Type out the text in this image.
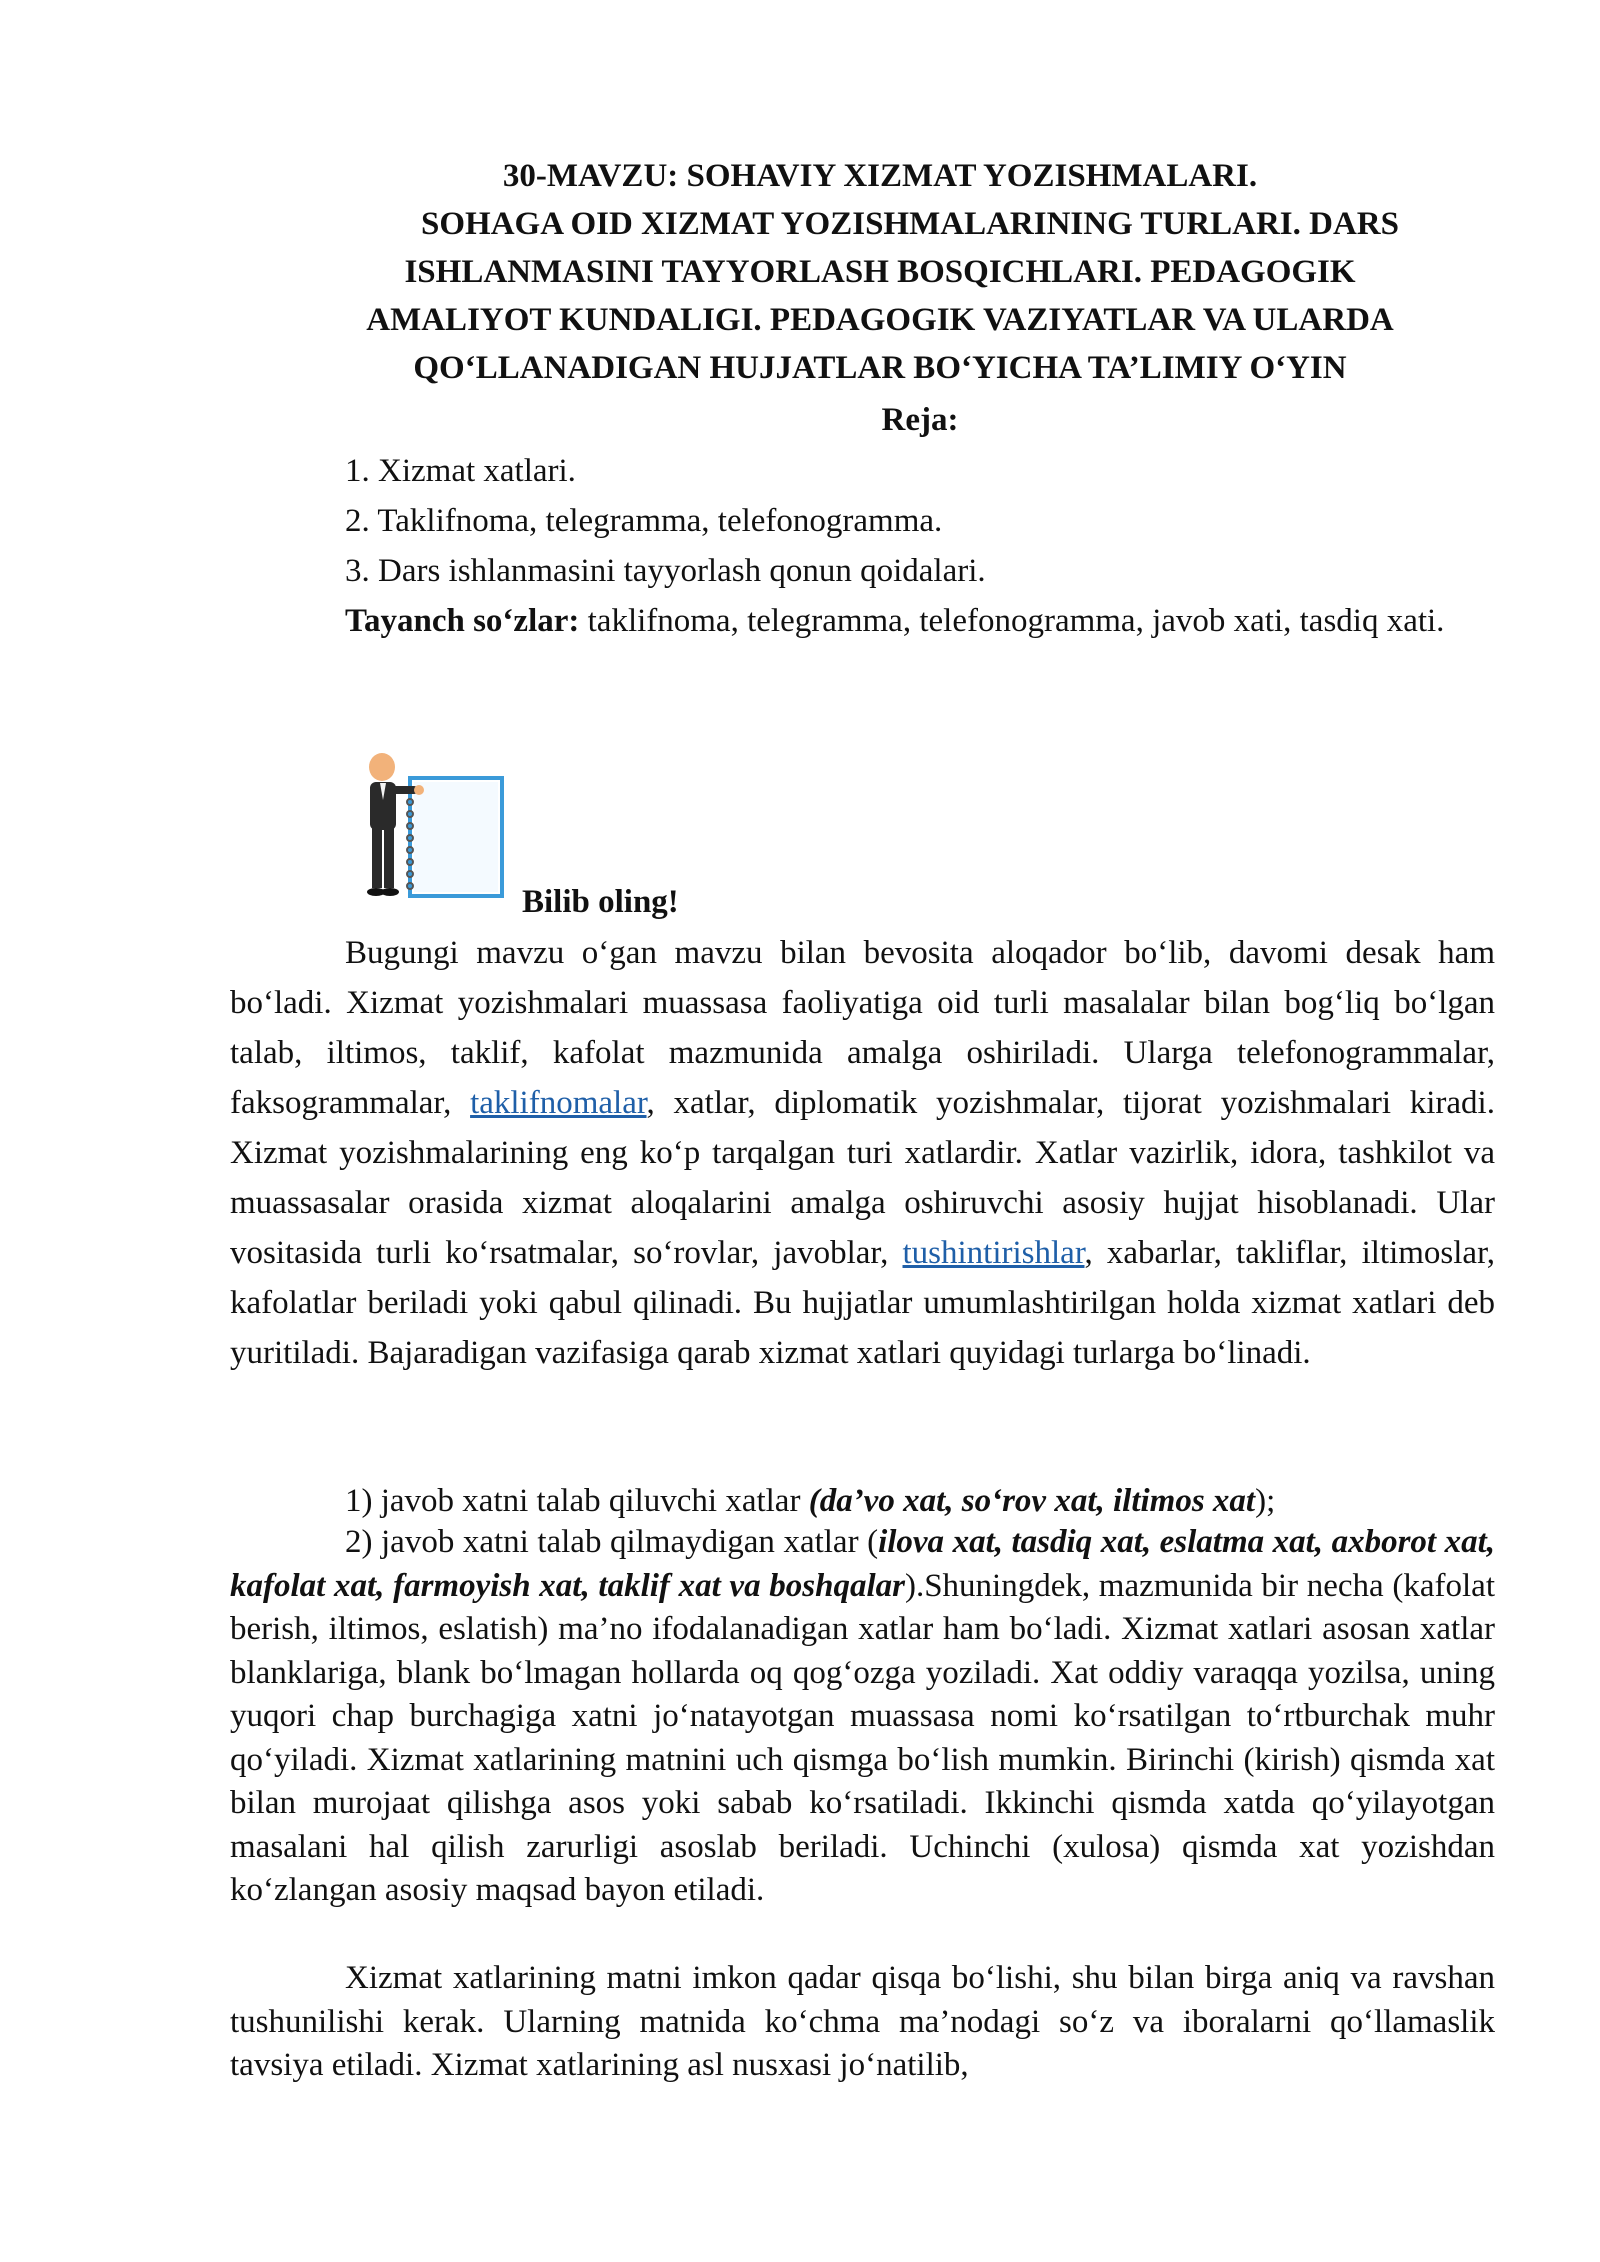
30-MAVZU: SOHAVIY XIZMAT YOZISHMALARI.
SOHAGA OID XIZMAT YOZISHMALARINING TURLARI. DARS
ISHLANMASINI TAYYORLASH BOSQICHLARI. PEDAGOGIK
AMALIYOT KUNDALIGI. PEDAGOGIK VAZIYATLAR VA ULARDA
QO‘LLANADIGAN HUJJATLAR BO‘YICHA TA’LIMIY O‘YIN
Reja:
1. Xizmat xatlari.
2. Taklifnoma, telegramma, telefonogramma.
3. Dars ishlanmasini tayyorlash qonun qoidalari.
Tayanch so‘zlar: taklifnoma, telegramma, telefonogramma, javob xati, tasdiq xati.
Bilib oling!
Bugungi mavzu o‘gan mavzu bilan bevosita aloqador bo‘lib, davomi desak ham bo‘ladi. Xizmat yozishmalari muassasa faoliyatiga oid turli masalalar bilan bog‘liq bo‘lgan talab, iltimos, taklif, kafolat mazmunida amalga oshiriladi. Ularga telefonogrammalar, faksogrammalar, taklifnomalar, xatlar, diplomatik yozishmalar, tijorat yozishmalari kiradi. Xizmat yozishmalarining eng ko‘p tarqalgan turi xatlardir. Xatlar vazirlik, idora, tashkilot va muassasalar orasida xizmat aloqalarini amalga oshiruvchi asosiy hujjat hisoblanadi. Ular vositasida turli ko‘rsatmalar, so‘rovlar, javoblar, tushintirishlar, xabarlar, takliflar, iltimoslar, kafolatlar beriladi yoki qabul qilinadi. Bu hujjatlar umumlashtirilgan holda xizmat xatlari deb yuritiladi. Bajaradigan vazifasiga qarab xizmat xatlari quyidagi turlarga bo‘linadi.
1) javob xatni talab qiluvchi xatlar (da’vo xat, so‘rov xat, iltimos xat);
2) javob xatni talab qilmaydigan xatlar (ilova xat, tasdiq xat, eslatma xat, axborot xat, kafolat xat, farmoyish xat, taklif xat va boshqalar).Shuningdek, mazmunida bir necha (kafolat berish, iltimos, eslatish) ma’no ifodalanadigan xatlar ham bo‘ladi. Xizmat xatlari asosan xatlar blanklariga, blank bo‘lmagan hollarda oq qog‘ozga yoziladi. Xat oddiy varaqqa yozilsa, uning yuqori chap burchagiga xatni jo‘natayotgan muassasa nomi ko‘rsatilgan to‘rtburchak muhr qo‘yiladi. Xizmat xatlarining matnini uch qismga bo‘lish mumkin. Birinchi (kirish) qismda xat bilan murojaat qilishga asos yoki sabab ko‘rsatiladi. Ikkinchi qismda xatda qo‘yilayotgan masalani hal qilish zarurligi asoslab beriladi. Uchinchi (xulosa) qismda xat yozishdan ko‘zlangan asosiy maqsad bayon etiladi.
Xizmat xatlarining matni imkon qadar qisqa bo‘lishi, shu bilan birga aniq va ravshan tushunilishi kerak. Ularning matnida ko‘chma ma’nodagi so‘z va iboralarni qo‘llamaslik tavsiya etiladi. Xizmat xatlarining asl nusxasi jo‘natilib,
